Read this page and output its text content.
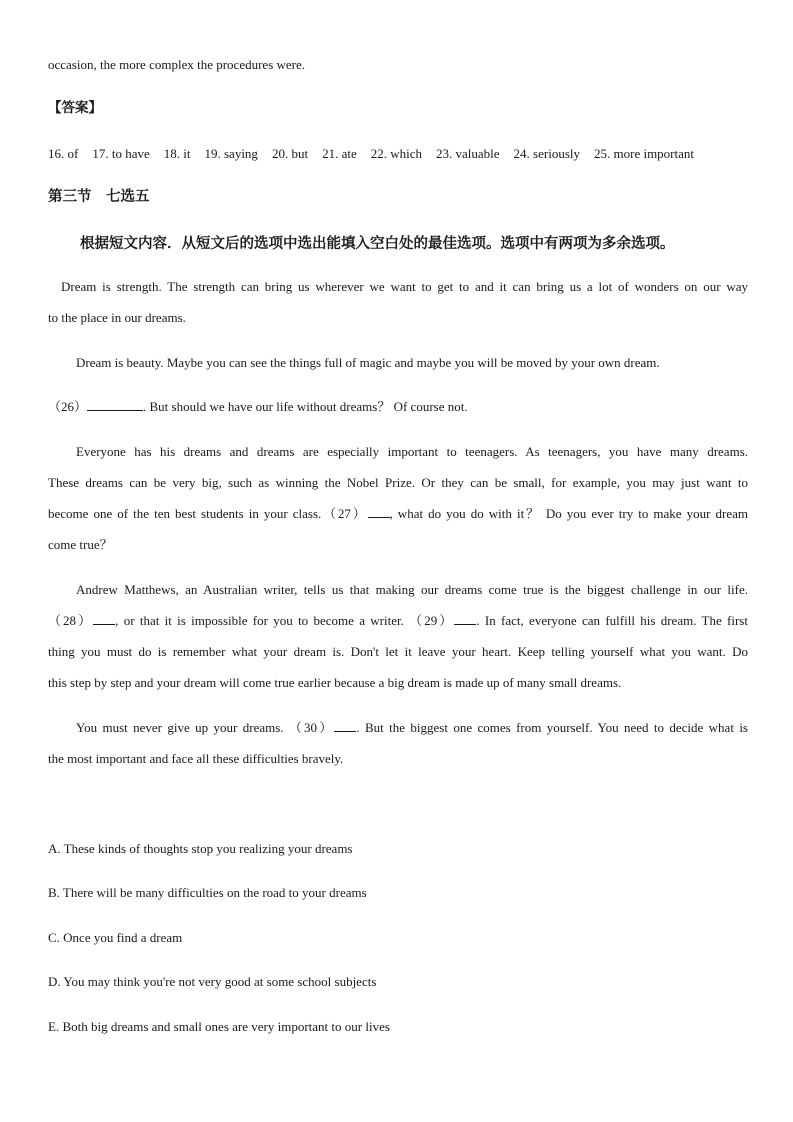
occasion, the more complex the procedures were.
【答案】
16. of 17. to have 18. it 19. saying 20. but 21. ate 22. which 23. valuable 24. seriously 25. more important
第三节　七选五
根据短文内容．从短文后的选项中选出能填入空白处的最佳选项。选项中有两项为多余选项。
Dream is strength. The strength can bring us wherever we want to get to and it can bring us a lot of wonders on our way
to the place in our dreams.
Dream is beauty. Maybe you can see the things full of magic and maybe you will be moved by your own dream.
（26）	. But should we have our life without dreams？ Of course not.
Everyone has his dreams and dreams are especially important to teenagers. As teenagers, you have many dreams.
These dreams can be very big, such as winning the Nobel Prize. Or they can be small, for example, you may just want to
become one of the ten best students in your class.（27） , what do you do with it？ Do you ever try to make your dream
come true？
Andrew Matthews, an Australian writer, tells us that making our dreams come true is the biggest challenge in our life.
（28） , or that it is impossible for you to become a writer. （29） . In fact, everyone can fulfill his dream. The first
thing you must do is remember what your dream is. Don't let it leave your heart. Keep telling yourself what you want. Do
this step by step and your dream will come true earlier because a big dream is made up of many small dreams.
You must never give up your dreams. （30） . But the biggest one comes from yourself. You need to decide what is
the most important and face all these difficulties bravely.
A. These kinds of thoughts stop you realizing your dreams
B. There will be many difficulties on the road to your dreams
C. Once you find a dream
D. You may think you're not very good at some school subjects
E. Both big dreams and small ones are very important to our lives
